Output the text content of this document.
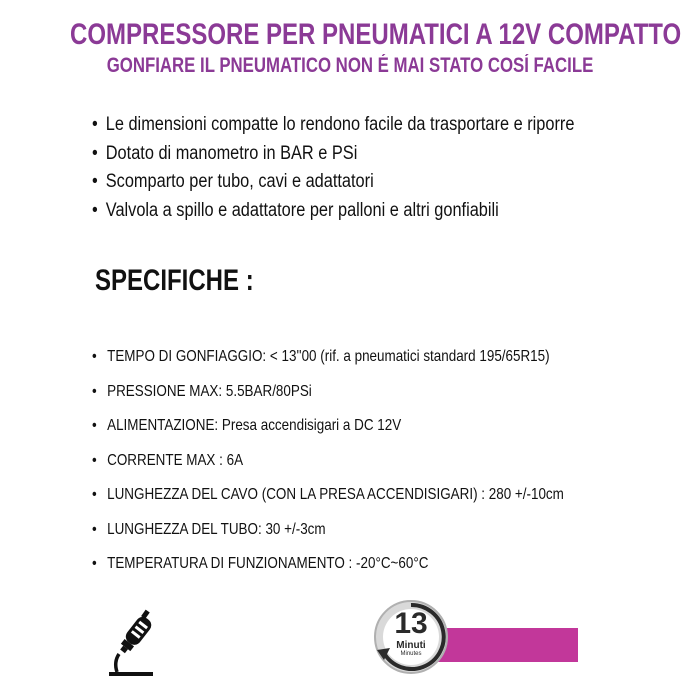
COMPRESSORE PER PNEUMATICI A 12V COMPATTO
GONFIARE IL PNEUMATICO NON É MAI STATO COSÍ FACILE
• Le dimensioni compatte lo rendono facile da trasportare e riporre
• Dotato di manometro in BAR e PSi
• Scomparto per tubo, cavi e adattatori
• Valvola a spillo e adattatore per palloni e altri gonfiabili
SPECIFICHE :
• TEMPO DI GONFIAGGIO: < 13''00 (rif. a pneumatici standard 195/65R15)
• PRESSIONE MAX: 5.5BAR/80PSi
• ALIMENTAZIONE: Presa accendisigari a DC 12V
• CORRENTE MAX : 6A
• LUNGHEZZA DEL CAVO (CON LA PRESA ACCENDISIGARI) : 280 +/-10cm
• LUNGHEZZA DEL TUBO: 30 +/-3cm
• TEMPERATURA DI FUNZIONAMENTO : -20°C~60°C
13
Minuti
Minutes
